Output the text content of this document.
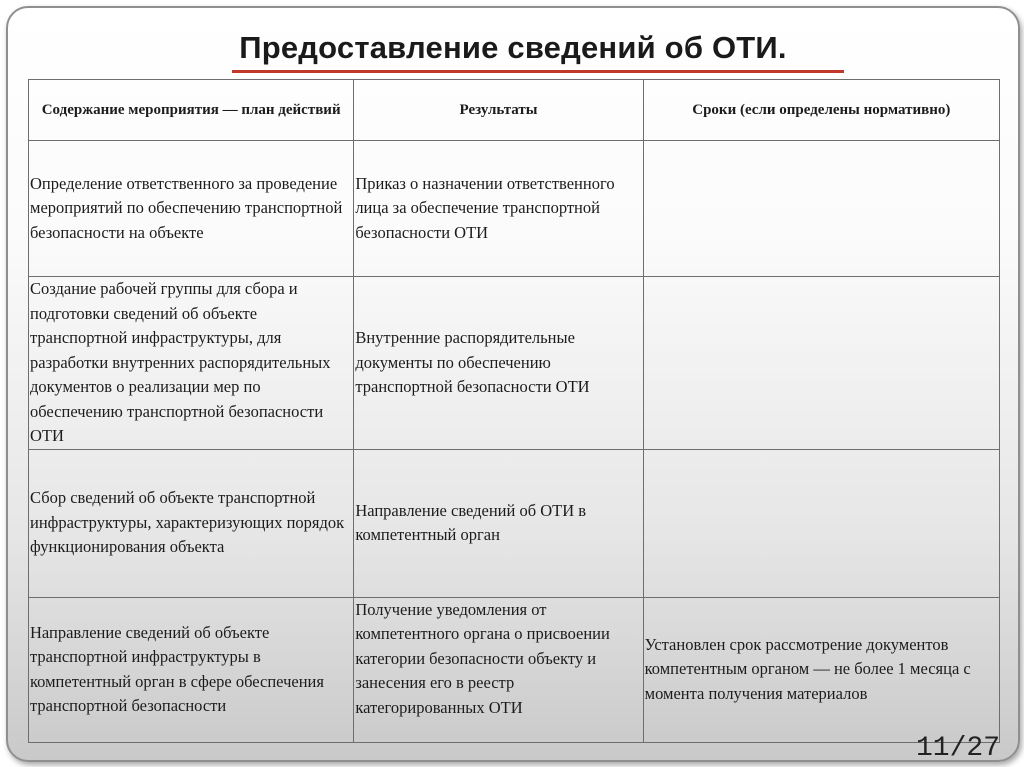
Предоставление сведений об ОТИ.
Содержание мероприятия — план действий	Результаты	Сроки (если определены нормативно)
Определение ответственного за проведение мероприятий по обеспечению транспортной безопасности на объекте	Приказ о назначении ответственного лица за обеспечение транспортной безопасности ОТИ	
Создание рабочей группы для сбора и подготовки сведений об объекте транспортной инфраструктуры, для разработки внутренних распорядительных документов о реализации мер по обеспечению транспортной безопасности ОТИ	Внутренние распорядительные документы по обеспечению транспортной безопасности ОТИ	
Сбор сведений об объекте транспортной инфраструктуры, характеризующих порядок функционирования объекта	Направление сведений об ОТИ в компетентный орган	
Направление сведений об объекте транспортной инфраструктуры в компетентный орган в сфере обеспечения транспортной безопасности	Получение уведомления от компетентного органа о присвоении категории безопасности объекту и занесения его в реестр категорированных ОТИ	Установлен срок рассмотрение документов компетентным органом — не более 1 месяца с момента получения материалов
11/27
